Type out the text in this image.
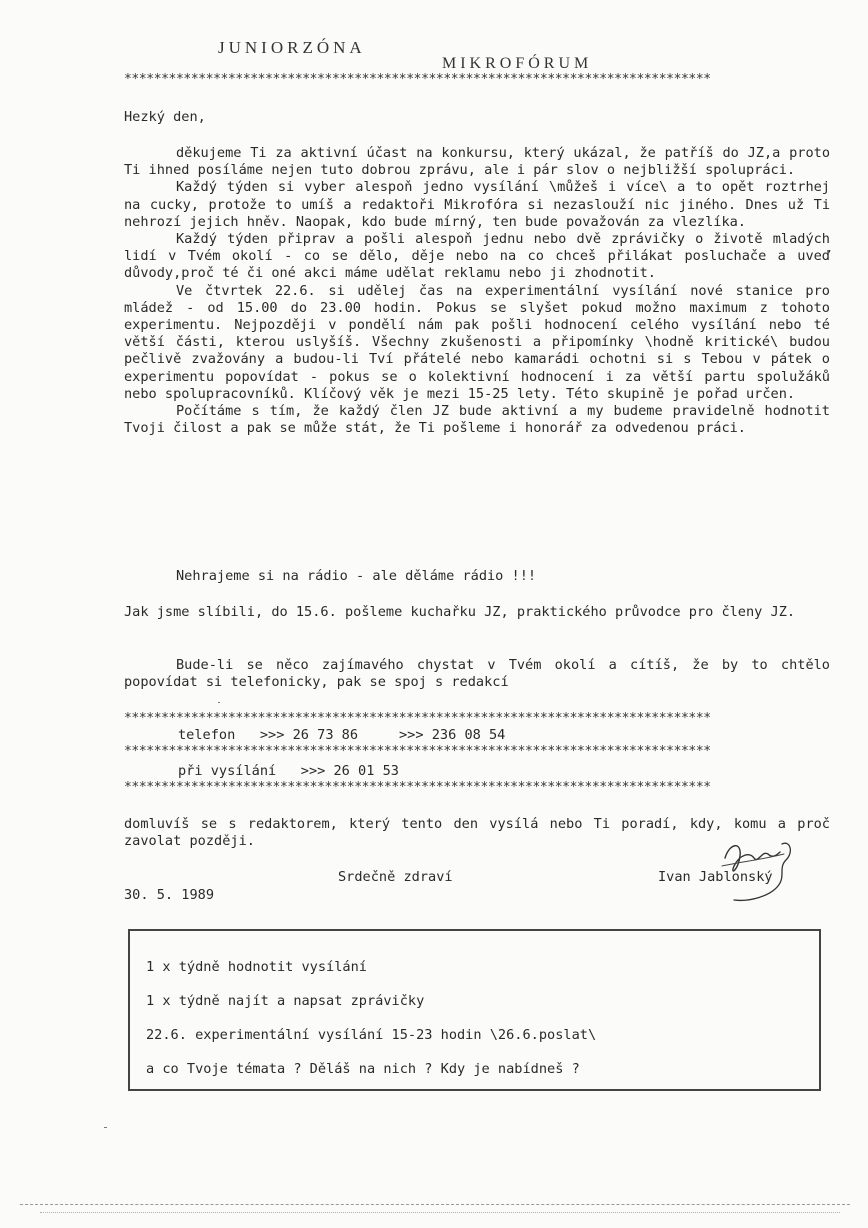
JUNIORZÓNA
MIKROFÓRUM
*******************************************************************************
Hezký den,

děkujeme Ti za aktivní účast na konkursu, který ukázal, že patříš do JZ,a proto Ti ihned posíláme nejen tuto dobrou zprávu, ale i pár slov o nejbližší spolupráci.

Každý týden si vyber alespoň jedno vysílání \můžeš i více\ a to opět roztrhej na cucky, protože to umíš a redaktoři Mikrofóra si nezaslouží nic jiného. Dnes už Ti nehrozí jejich hněv. Naopak, kdo bude mírný, ten bude považován za vlezlíka.

Každý týden připrav a pošli alespoň jednu nebo dvě zprávičky o životě mladých lidí v Tvém okolí - co se dělo, děje nebo na co chceš přilákat posluchače a uveď důvody,proč té či oné akci máme udělat reklamu nebo ji zhodnotit.

Ve čtvrtek 22.6. si udělej čas na experimentální vysílání nové stanice pro mládež - od 15.00 do 23.00 hodin. Pokus se slyšet pokud možno maximum z tohoto experimentu. Nejpozději v pondělí nám pak pošli hodnocení celého vysílání nebo té větší části, kterou uslyšíš. Všechny zkušenosti a připomínky \hodně kritické\ budou pečlivě zvažovány a budou-li Tví přátelé nebo kamarádi ochotni si s Tebou v pátek o experimentu popovídat - pokus se o kolektivní hodnocení i za větší partu spolužáků nebo spolupracovníků. Klíčový věk je mezi 15-25 lety. Této skupině je pořad určen.

Počítáme s tím, že každý člen JZ bude aktivní a my budeme pravidelně hodnotit Tvoji čilost a pak se může stát, že Ti pošleme i honorář za odvedenou práci.

Nehrajeme si na rádio - ale děláme rádio !!!

Jak jsme slíbili, do 15.6. pošleme kuchařku JZ, praktického průvodce pro členy JZ.

Bude-li se něco zajímavého chystat v Tvém okolí a cítíš, že by to chtělo popovídat si telefonicky, pak se spoj s redakcí

*******************************************************************************
telefon   >>> 26 73 86     >>> 236 08 54
*******************************************************************************
při vysílání   >>> 26 01 53
*******************************************************************************

domluvíš se s redaktorem, který tento den vysílá nebo Ti poradí, kdy, komu a proč zavolat později.

Srdečně zdraví	Ivan Jablonský
30. 5. 1989
1 x týdně hodnotit vysílání
1 x týdně najít a napsat zprávičky
22.6. experimentální vysílání 15-23 hodin \26.6.poslat\
a co Tvoje témata ? Děláš na nich ? Kdy je nabídneš ?
